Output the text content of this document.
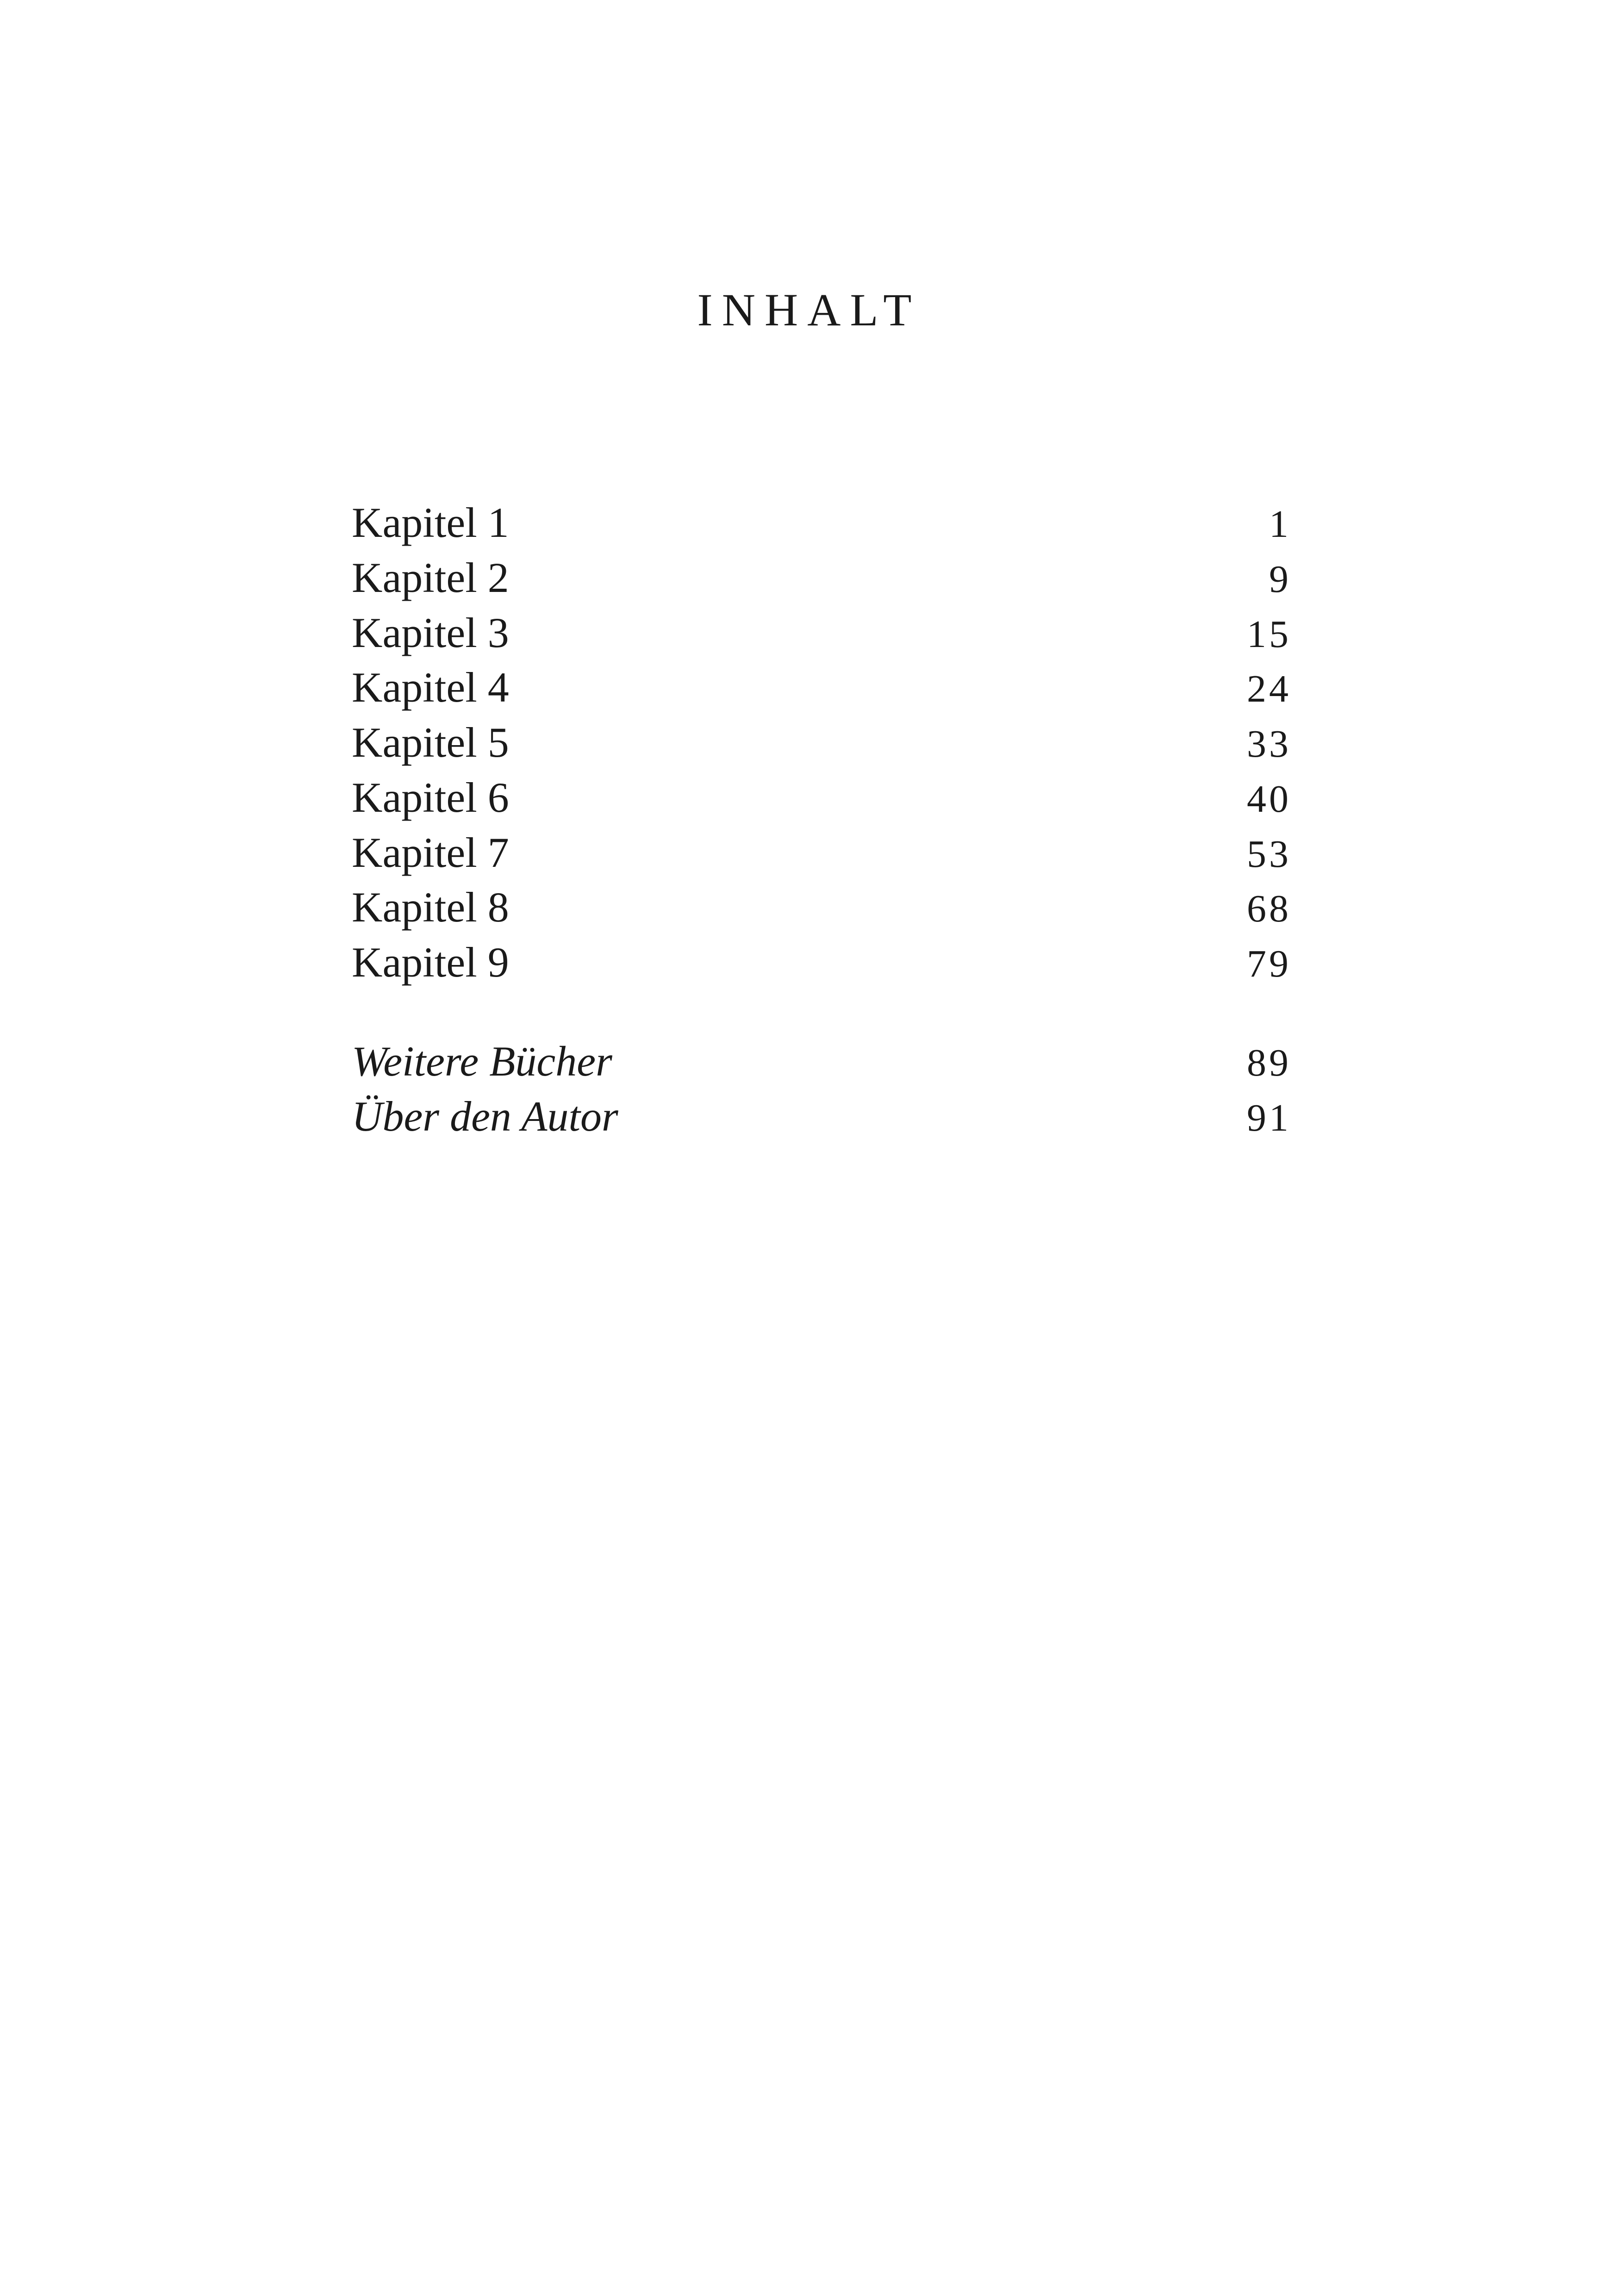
INHALT
Kapitel 1	1
Kapitel 2	9
Kapitel 3	15
Kapitel 4	24
Kapitel 5	33
Kapitel 6	40
Kapitel 7	53
Kapitel 8	68
Kapitel 9	79
Weitere Bücher	89
Über den Autor	91
